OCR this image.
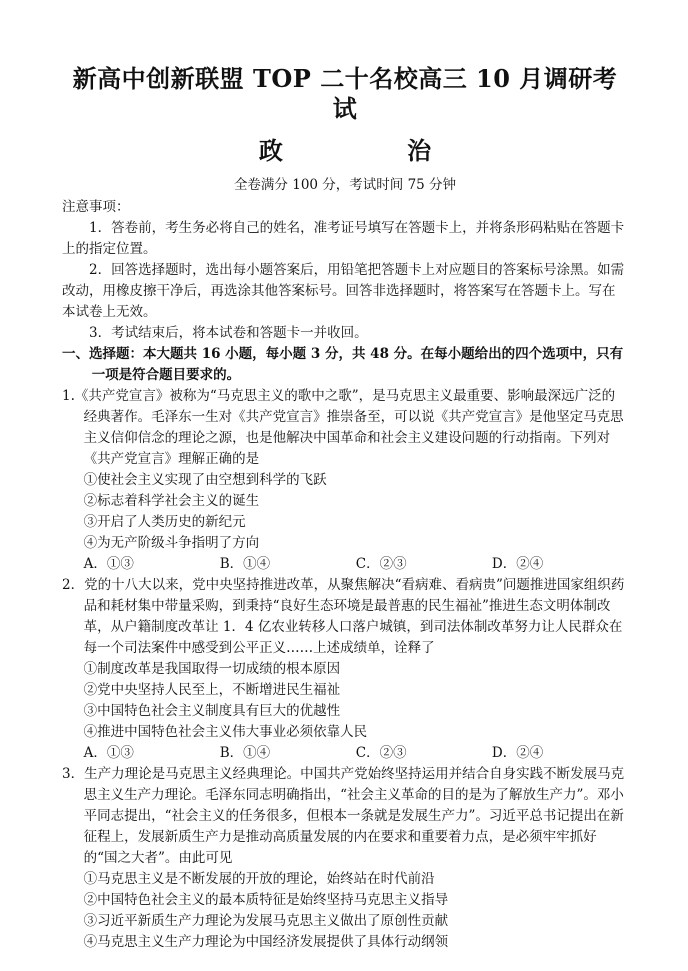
新高中创新联盟 TOP 二十名校高三 10 月调研考试
政 治
全卷满分 100 分，考试时间 75 分钟
注意事项：

1．答卷前，考生务必将自己的姓名，准考证号填写在答题卡上，并将条形码粘贴在答题卡上的指定位置。

2．回答选择题时，选出每小题答案后，用铅笔把答题卡上对应题目的答案标号涂黑。如需改动，用橡皮擦干净后，再选涂其他答案标号。回答非选择题时，将答案写在答题卡上。写在本试卷上无效。

3．考试结束后，将本试卷和答题卡一并收回。

一、选择题：本大题共 16 小题，每小题 3 分，共 48 分。在每小题给出的四个选项中，只有
一项是符合题目要求的。
1.《共产党宣言》被称为“马克思主义的歌中之歌”，是马克思主义最重要、影响最深远广泛的经典著作。毛泽东一生对《共产党宣言》推崇备至，可以说《共产党宣言》是他坚定马克思主义信仰信念的理论之源，也是他解决中国革命和社会主义建设问题的行动指南。下列对《共产党宣言》理解正确的是
①使社会主义实现了由空想到科学的飞跃
②标志着科学社会主义的诞生
③开启了人类历史的新纪元
④为无产阶级斗争指明了方向
A．①③	B．①④	C．②③	D．②④
2．党的十八大以来，党中央坚持推进改革，从聚焦解决“看病难、看病贵”问题推进国家组织药品和耗材集中带量采购，到秉持“良好生态环境是最普惠的民生福祉”推进生态文明体制改革，从户籍制度改革让 1．4 亿农业转移人口落户城镇，到司法体制改革努力让人民群众在每一个司法案件中感受到公平正义……上述成绩单，诠释了
①制度改革是我国取得一切成绩的根本原因
②党中央坚持人民至上，不断增进民生福祉
③中国特色社会主义制度具有巨大的优越性
④推进中国特色社会主义伟大事业必须依靠人民
A．①③	B．①④	C．②③	D．②④
3．生产力理论是马克思主义经典理论。中国共产党始终坚持运用并结合自身实践不断发展马克思主义生产力理论。毛泽东同志明确指出，“社会主义革命的目的是为了解放生产力”。邓小平同志提出，“社会主义的任务很多，但根本一条就是发展生产力”。习近平总书记提出在新征程上，发展新质生产力是推动高质量发展的内在要求和重要着力点，是必须牢牢抓好的“国之大者”。由此可见
①马克思主义是不断发展的开放的理论，始终站在时代前沿
②中国特色社会主义的最本质特征是始终坚持马克思主义指导
③习近平新质生产力理论为发展马克思主义做出了原创性贡献
④马克思主义生产力理论为中国经济发展提供了具体行动纲领
